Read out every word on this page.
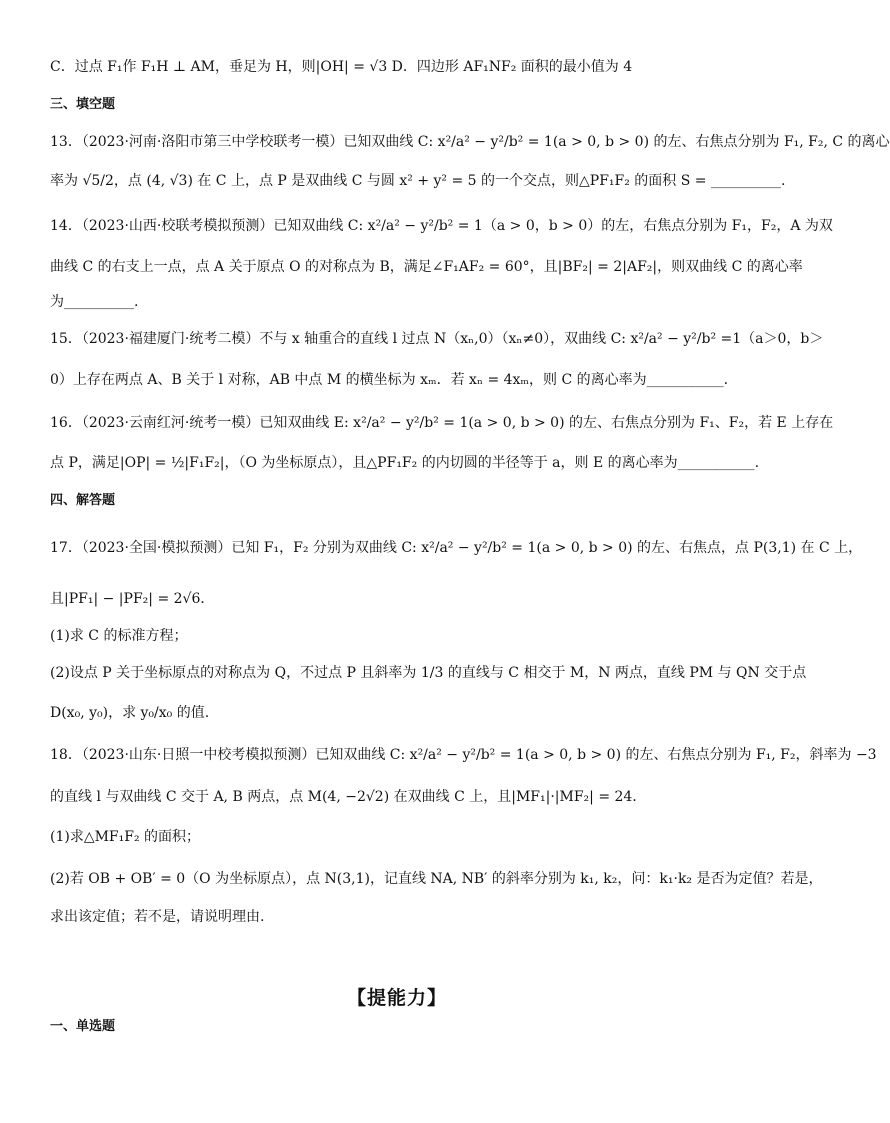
C．过点 F₁作 F₁H ⊥ AM，垂足为 H，则|OH| = √3 D．四边形 AF₁NF₂ 面积的最小值为 4
三、填空题
13．（2023·河南·洛阳市第三中学校联考一模）已知双曲线 C: x²/a² − y²/b² = 1(a > 0, b > 0) 的左、右焦点分别为 F₁, F₂, C 的离心
率为 √5/2，点 (4, √3) 在 C 上，点 P 是双曲线 C 与圆 x² + y² = 5 的一个交点，则△PF₁F₂ 的面积 S = __________.
14．（2023·山西·校联考模拟预测）已知双曲线 C: x²/a² − y²/b² = 1（a > 0，b > 0）的左，右焦点分别为 F₁，F₂，A 为双
曲线 C 的右支上一点，点 A 关于原点 O 的对称点为 B，满足∠F₁AF₂ = 60°，且|BF₂| = 2|AF₂|，则双曲线 C 的离心率
为__________.
15．（2023·福建厦门·统考二模）不与 x 轴重合的直线 l 过点 N（xₙ,0）（xₙ≠0），双曲线 C: x²/a² − y²/b² =1（a＞0，b＞
0）上存在两点 A、B 关于 l 对称，AB 中点 M 的横坐标为 xₘ．若 xₙ = 4xₘ，则 C 的离心率为___________.
16．（2023·云南红河·统考一模）已知双曲线 E: x²/a² − y²/b² = 1(a > 0, b > 0) 的左、右焦点分别为 F₁、F₂，若 E 上存在
点 P，满足|OP| = ½|F₁F₂|，（O 为坐标原点），且△PF₁F₂ 的内切圆的半径等于 a，则 E 的离心率为___________.
四、解答题
17．（2023·全国·模拟预测）已知 F₁，F₂ 分别为双曲线 C: x²/a² − y²/b² = 1(a > 0, b > 0) 的左、右焦点，点 P(3,1) 在 C 上，
且|PF₁| − |PF₂| = 2√6．
(1)求 C 的标准方程；
(2)设点 P 关于坐标原点的对称点为 Q，不过点 P 且斜率为 1/3 的直线与 C 相交于 M，N 两点，直线 PM 与 QN 交于点
D(x₀, y₀)，求 y₀/x₀ 的值.
18．（2023·山东·日照一中校考模拟预测）已知双曲线 C: x²/a² − y²/b² = 1(a > 0, b > 0) 的左、右焦点分别为 F₁, F₂，斜率为 −3
的直线 l 与双曲线 C 交于 A, B 两点，点 M(4, −2√2) 在双曲线 C 上，且|MF₁|·|MF₂| = 24．
(1)求△MF₁F₂ 的面积；
(2)若 OB + OB′ = 0（O 为坐标原点），点 N(3,1)，记直线 NA, NB′ 的斜率分别为 k₁, k₂，问：k₁·k₂ 是否为定值？若是，
求出该定值；若不是，请说明理由.
【提能力】
一、单选题
